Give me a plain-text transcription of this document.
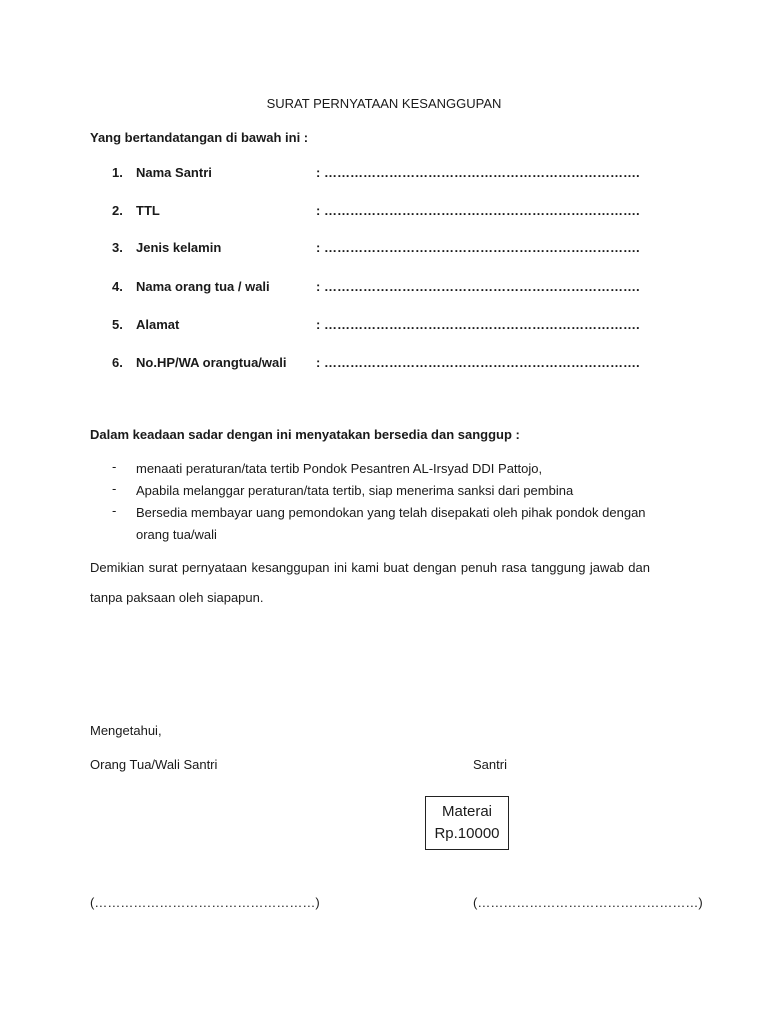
SURAT PERNYATAAN KESANGGUPAN
Yang bertandatangan di bawah ini :
1.	Nama Santri	: ……………………………………………………………….
2.	TTL	: ……………………………………………………………….
3.	Jenis kelamin	: ……………………………………………………………….
4.	Nama orang tua / wali	: ……………………………………………………………….
5.	Alamat	: ……………………………………………………………….
6.	No.HP/WA orangtua/wali : ……………………………………………………………….
Dalam keadaan sadar dengan ini menyatakan bersedia dan sanggup :
- menaati peraturan/tata tertib Pondok Pesantren AL-Irsyad DDI Pattojo,
- Apabila melanggar peraturan/tata tertib, siap menerima sanksi dari pembina
- Bersedia membayar uang pemondokan yang telah disepakati oleh pihak pondok dengan orang tua/wali
Demikian surat pernyataan kesanggupan ini kami buat dengan penuh rasa tanggung jawab dan tanpa paksaan oleh siapapun.
Mengetahui,
Orang Tua/Wali Santri	Santri
Materai
Rp.10000
(……………………………………………)	(……………………………………………)
